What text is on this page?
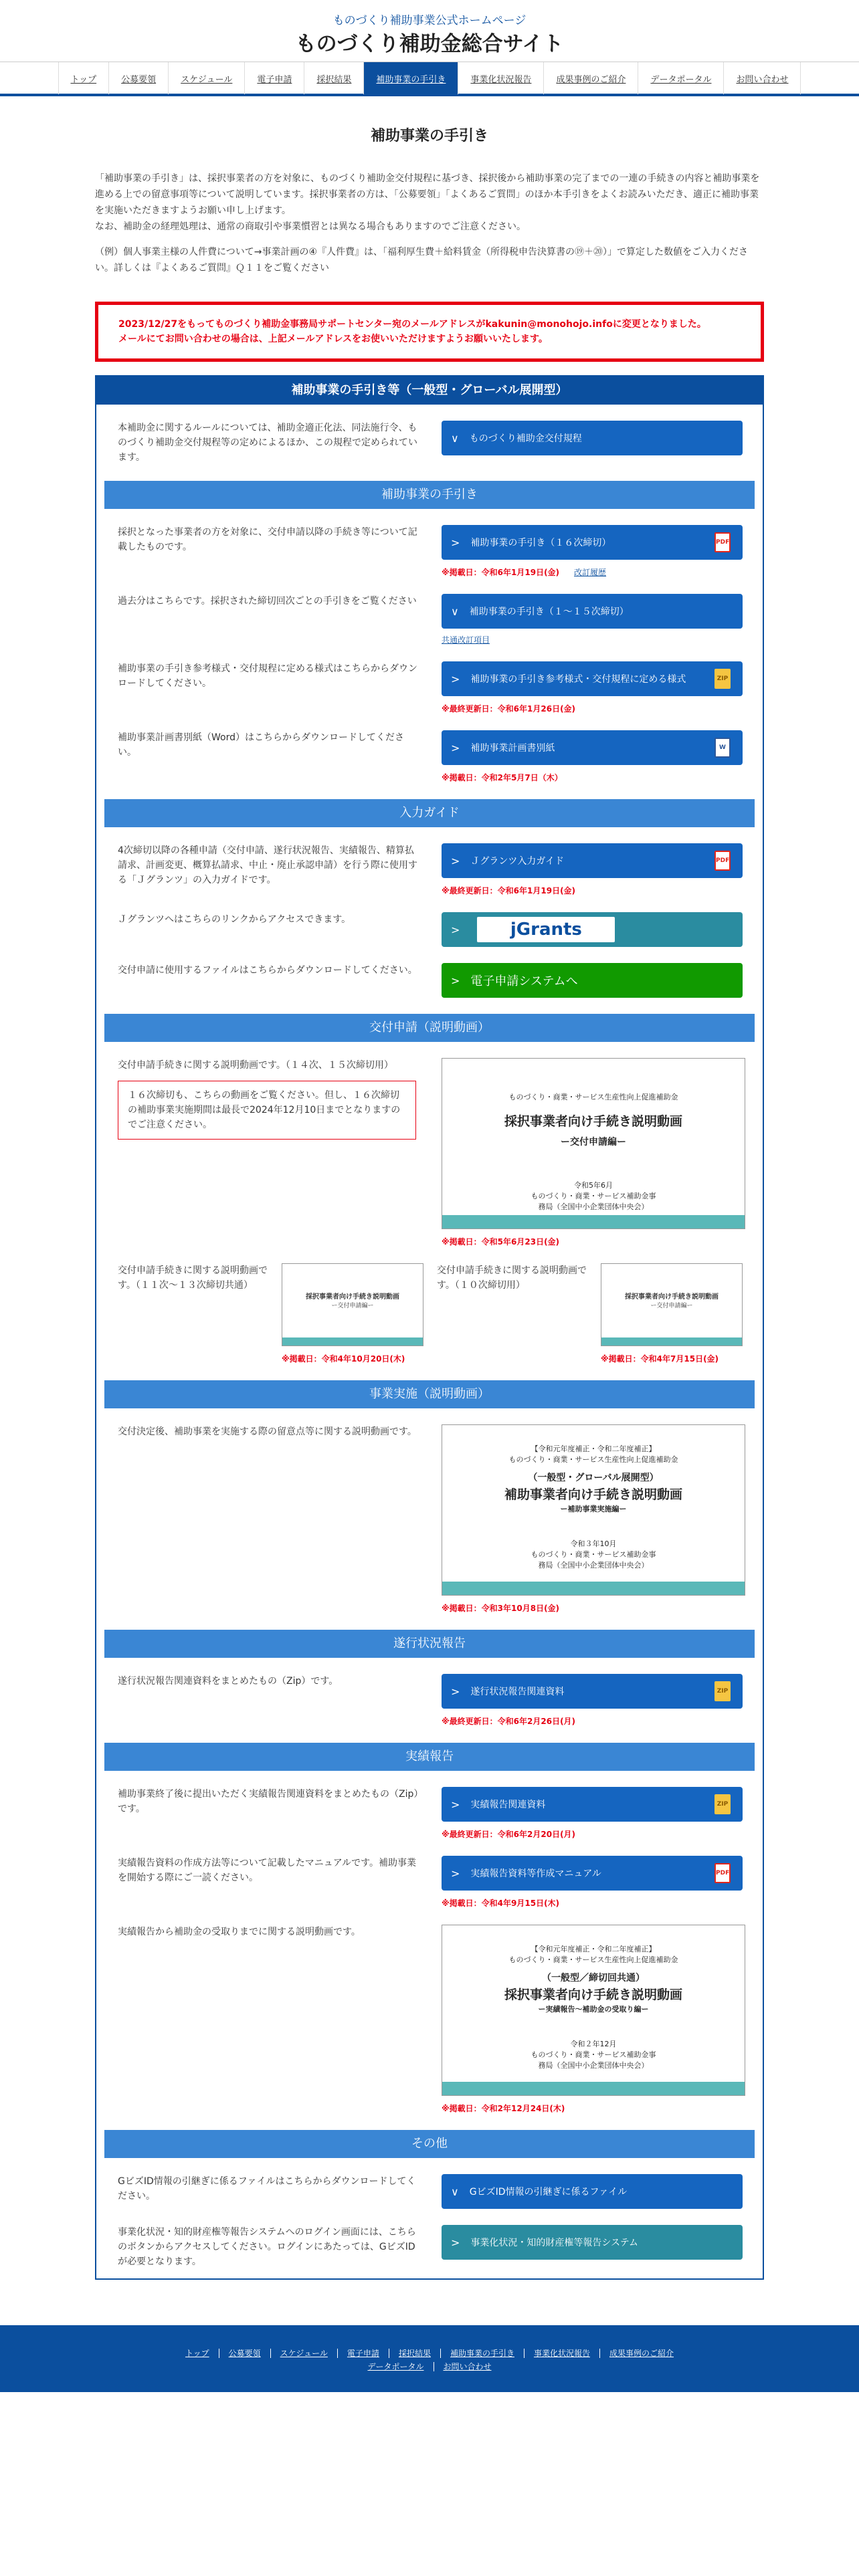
ものづくり補助事業公式ホームページ
ものづくり補助金総合サイト
トップ	公募要領	スケジュール	電子申請	採択結果	補助事業の手引き	事業化状況報告	成果事例のご紹介	データポータル	お問い合わせ
補助事業の手引き

「補助事業の手引き」は、採択事業者の方を対象に、ものづくり補助金交付規程に基づき、採択後から補助事業の完了までの一連の手続きの内容と補助事業を進める上での留意事項等について説明しています。採択事業者の方は、「公募要領」「よくあるご質問」のほか本手引きをよくお読みいただき、適正に補助事業を実施いただきますようお願い申し上げます。
なお、補助金の経理処理は、通常の商取引や事業慣習とは異なる場合もありますのでご注意ください。

（例）個人事業主様の人件費について→事業計画の④『人件費』は、「福利厚生費＋給料賃金（所得税申告決算書の⑲＋⑳）」で算定した数値をご入力ください。詳しくは『よくあるご質問』Ｑ１１をご覧ください

2023/12/27をもってものづくり補助金事務局サポートセンター宛のメールアドレスがkakunin@monohojo.infoに変更となりました。
メールにてお問い合わせの場合は、上記メールアドレスをお使いいただけますようお願いいたします。
補助事業の手引き等（一般型・グローバル展開型）
本補助金に関するルールについては、補助金適正化法、同法施行令、ものづくり補助金交付規程等の定めによるほか、この規程で定められています。
∨ ものづくり補助金交付規程
補助事業の手引き
採択となった事業者の方を対象に、交付申請以降の手続き等について記載したものです。	> 補助事業の手引き（１６次締切）	PDF
※掲載日：令和6年1月19日(金) 改訂履歴
過去分はこちらです。採択された締切回次ごとの手引きをご覧ください
∨ 補助事業の手引き（１〜１５次締切）
共通改訂項目
補助事業の手引き参考様式・交付規程に定める様式はこちらからダウンロードしてください。	> 補助事業の手引き参考様式・交付規程に定める様式	ZIP
※最終更新日：令和6年1月26日(金)
補助事業計画書別紙（Word）はこちらからダウンロードしてください。	> 補助事業計画書別紙	W
※掲載日：令和2年5月7日（木）
入力ガイド
4次締切以降の各種申請（交付申請、遂行状況報告、実績報告、精算払請求、計画変更、概算払請求、中止・廃止承認申請）を行う際に使用する「Ｊグランツ」の入力ガイドです。
> Ｊグランツ入力ガイド	PDF
※最終更新日：令和6年1月19日(金)
Ｊグランツへはこちらのリンクからアクセスできます。
>	jGrants
交付申請に使用するファイルはこちらからダウンロードしてください。
> 電子申請システムへ
交付申請（説明動画）
交付申請手続きに関する説明動画です。（１４次、１５次締切用）
１６次締切も、こちらの動画をご覧ください。但し、１６次締切の補助事業実施期間は最長で2024年12月10日までとなりますのでご注意ください。
ものづくり・商業・サービス生産性向上促進補助金
採択事業者向け手続き説明動画
ー交付申請編ー
令和5年6月
ものづくり・商業・サービス補助金事務局（全国中小企業団体中央会）
※掲載日：令和5年6月23日(金)
交付申請手続きに関する説明動画です。（１１次〜１３次締切共通）
採択事業者向け手続き説明動画
ー交付申請編ー
※掲載日：令和4年10月20日(木)
交付申請手続きに関する説明動画です。（１０次締切用）
採択事業者向け手続き説明動画
ー交付申請編ー
※掲載日：令和4年7月15日(金)
事業実施（説明動画）
交付決定後、補助事業を実施する際の留意点等に関する説明動画です。
【令和元年度補正・令和二年度補正】
ものづくり・商業・サービス生産性向上促進補助金
（一般型・グローバル展開型）
補助事業者向け手続き説明動画
ー補助事業実施編ー
令和３年10月
ものづくり・商業・サービス補助金事務局（全国中小企業団体中央会）
※掲載日：令和3年10月8日(金)
遂行状況報告
遂行状況報告関連資料をまとめたもの（Zip）です。
> 遂行状況報告関連資料	ZIP
※最終更新日：令和6年2月26日(月)
実績報告
補助事業終了後に提出いただく実績報告関連資料をまとめたもの（Zip）です。	> 実績報告関連資料	ZIP
※最終更新日：令和6年2月20日(月)
実績報告資料の作成方法等について記載したマニュアルです。補助事業を開始する際にご一読ください。	> 実績報告資料等作成マニュアル	PDF
※掲載日：令和4年9月15日(木)
実績報告から補助金の受取りまでに関する説明動画です。
【令和元年度補正・令和二年度補正】
ものづくり・商業・サービス生産性向上促進補助金
（一般型／締切回共通）
採択事業者向け手続き説明動画
ー実績報告〜補助金の受取り編ー
令和２年12月
ものづくり・商業・サービス補助金事務局（全国中小企業団体中央会）
※掲載日：令和2年12月24日(木)
その他
GビズID情報の引継ぎに係るファイルはこちらからダウンロードしてください。	∨ GビズID情報の引継ぎに係るファイル
事業化状況・知的財産権等報告システムへのログイン画面には、こちらのボタンからアクセスしてください。ログインにあたっては、GビズIDが必要となります。
> 事業化状況・知的財産権等報告システム
トップ 公募要領 スケジュール 電子申請 採択結果 補助事業の手引き 事業化状況報告 成果事例のご紹介
データポータル お問い合わせ
